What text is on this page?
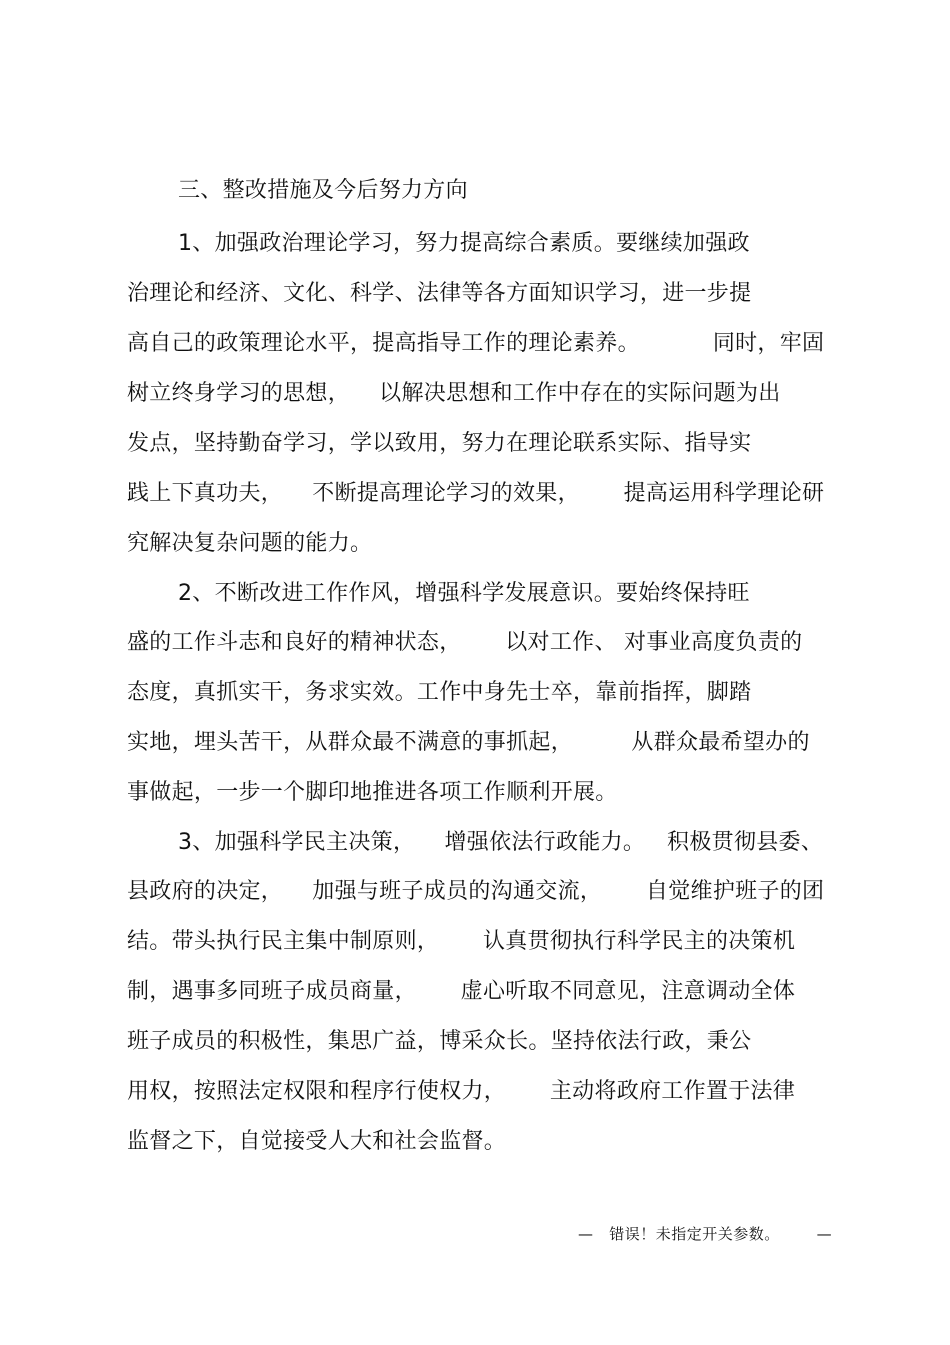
三、整改措施及今后努力方向
1、加强政治理论学习，努力提高综合素质。要继续加强政
治理论和经济、文化、科学、法律等各方面知识学习，进一步提
高自己的政策理论水平，提高指导工作的理论素养。          同时，牢固
树立终身学习的思想，    以解决思想和工作中存在的实际问题为出
发点，坚持勤奋学习，学以致用，努力在理论联系实际、指导实
践上下真功夫，    不断提高理论学习的效果，      提高运用科学理论研
究解决复杂问题的能力。
2、不断改进工作作风，增强科学发展意识。要始终保持旺
盛的工作斗志和良好的精神状态，      以对工作、 对事业高度负责的
态度，真抓实干，务求实效。工作中身先士卒，靠前指挥，脚踏
实地，埋头苦干，从群众最不满意的事抓起，        从群众最希望办的
事做起，一步一个脚印地推进各项工作顺利开展。
3、加强科学民主决策，    增强依法行政能力。   积极贯彻县委、
县政府的决定，    加强与班子成员的沟通交流，      自觉维护班子的团
结。带头执行民主集中制原则，      认真贯彻执行科学民主的决策机
制，遇事多同班子成员商量，      虚心听取不同意见，注意调动全体
班子成员的积极性，集思广益，博采众长。坚持依法行政，秉公
用权，按照法定权限和程序行使权力，      主动将政府工作置于法律
监督之下，自觉接受人大和社会监督。
—   错误！未指定开关参数。       —
